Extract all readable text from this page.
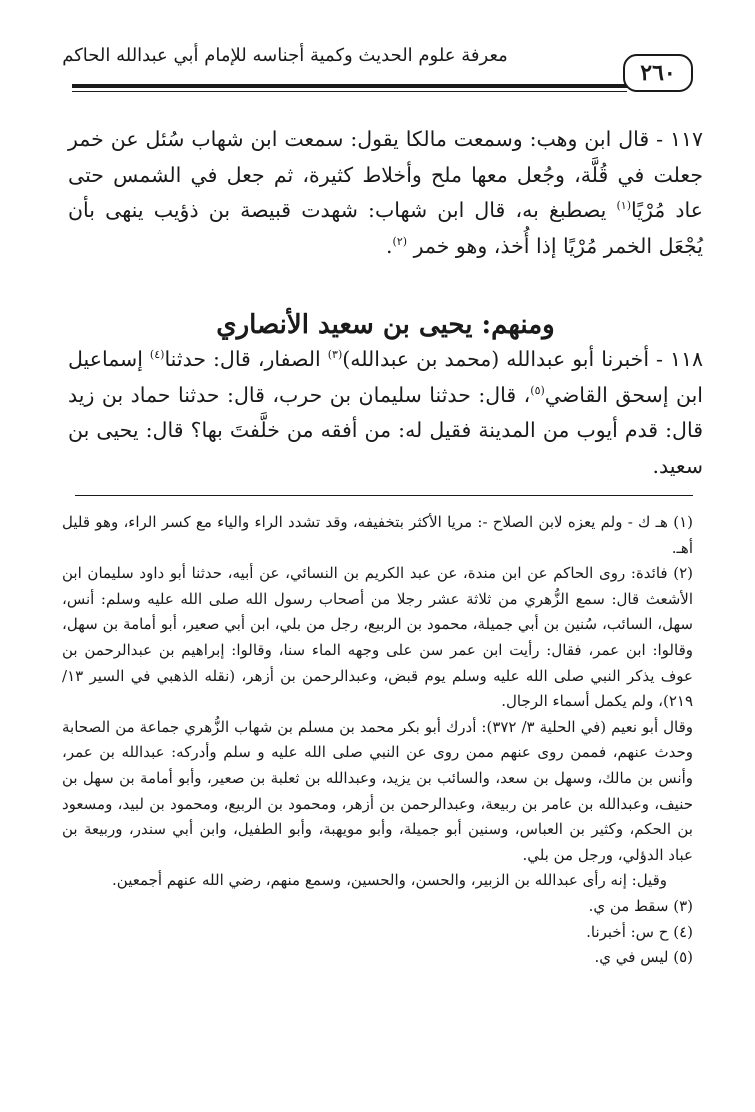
معرفة علوم الحديث وكمية أجناسه للإمام أبي عبدالله الحاكم
٢٦٠

١١٧ - قال ابن وهب: وسمعت مالكا يقول: سمعت ابن شهاب سُئل عن خمر جعلت في قُلَّة، وجُعل معها ملح وأخلاط كثيرة، ثم جعل في الشمس حتى عاد مُرْيًا$^{(١)}$ يصطبغ به، قال ابن شهاب: شهدت قبيصة بن ذؤيب ينهى بأن يُجْعَل الخمر مُرْيًا إذا أُخذ، وهو خمر $^{(٢)}$.

ومنهم: يحيى بن سعيد الأنصاري

١١٨ - أخبرنا أبو عبدالله (محمد بن عبدالله)$^{(٣)}$ الصفار، قال: حدثنا$^{(٤)}$ إسماعيل ابن إسحق القاضي$^{(٥)}$، قال: حدثنا سليمان بن حرب، قال: حدثنا حماد بن زيد قال: قدم أيوب من المدينة فقيل له: من أفقه من خلَّفتَ بها؟ قال: يحيى بن سعيد.

(١) هـ ك - ولم يعزه لابن الصلاح -: مريا الأكثر بتخفيفه، وقد تشدد الراء والياء مع كسر الراء، وهو قليل أهـ.

(٢) فائدة: روى الحاكم عن ابن مندة، عن عبد الكريم بن النسائي، عن أبيه، حدثنا أبو داود سليمان ابن الأشعث قال: سمع الزُّهري من ثلاثة عشر رجلا من أصحاب رسول الله صلى الله عليه وسلم: أنس، سهل، السائب، سُنين بن أبي جميلة، محمود بن الربيع، رجل من بلي، ابن أبي صعير، أبو أمامة بن سهل، وقالوا: ابن عمر، فقال: رأيت ابن عمر سن على وجهه الماء سنا، وقالوا: إبراهيم بن عبدالرحمن بن عوف يذكر النبي صلى الله عليه وسلم يوم قبض، وعبدالرحمن بن أزهر، (نقله الذهبي في السير ١٣/ ٢١٩)، ولم يكمل أسماء الرجال.

وقال أبو نعيم (في الحلية ٣/ ٣٧٢): أدرك أبو بكر محمد بن مسلم بن شهاب الزُّهري جماعة من الصحابة وحدث عنهم، فممن روى عنهم ممن روى عن النبي صلى الله عليه و سلم وأدركه: عبدالله بن عمر، وأنس بن مالك، وسهل بن سعد، والسائب بن يزيد، وعبدالله بن ثعلبة بن صعير، وأبو أمامة بن سهل بن حنيف، وعبدالله بن عامر بن ربيعة، وعبدالرحمن بن أزهر، ومحمود بن الربيع، ومحمود بن لبيد، ومسعود بن الحكم، وكثير بن العباس، وسنين أبو جميلة، وأبو مويهبة، وأبو الطفيل، وابن أبي سندر، وربيعة بن عباد الدؤلي، ورجل من بلي.

وقيل: إنه رأى عبدالله بن الزبير، والحسن، والحسين، وسمع منهم، رضي الله عنهم أجمعين.

(٣) سقط من ي.

(٤) ح س: أخبرنا.

(٥) ليس في ي.
